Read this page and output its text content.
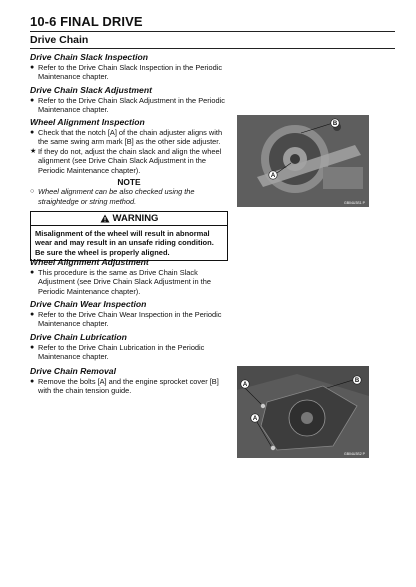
10-6 FINAL DRIVE
Drive Chain
Drive Chain Slack Inspection
● Refer to the Drive Chain Slack Inspection in the Periodic Maintenance chapter.
Drive Chain Slack Adjustment
● Refer to the Drive Chain Slack Adjustment in the Periodic Maintenance chapter.
Wheel Alignment Inspection
● Check that the notch [A] of the chain adjuster aligns with the same swing arm mark [B] as the other side adjuster.
★ If they do not, adjust the chain slack and align the wheel alignment (see Drive Chain Slack Adjustment in the Periodic Maintenance chapter).
NOTE
○ Wheel alignment can be also checked using the straightedge or string method.
WARNING
Misalignment of the wheel will result in abnormal wear and may result in an unsafe riding condition. Be sure the wheel is properly aligned.
Wheel Alignment Adjustment
● This procedure is the same as Drive Chain Slack Adjustment (see Drive Chain Slack Adjustment in the Periodic Maintenance chapter).
Drive Chain Wear Inspection
● Refer to the Drive Chain Wear Inspection in the Periodic Maintenance chapter.
Drive Chain Lubrication
● Refer to the Drive Chain Lubrication in the Periodic Maintenance chapter.
Drive Chain Removal
● Remove the bolts [A] and the engine sprocket cover [B] with the chain tension guide.
B
A
GB04U3S1 P
A
A
B
GB04U3S2 P
